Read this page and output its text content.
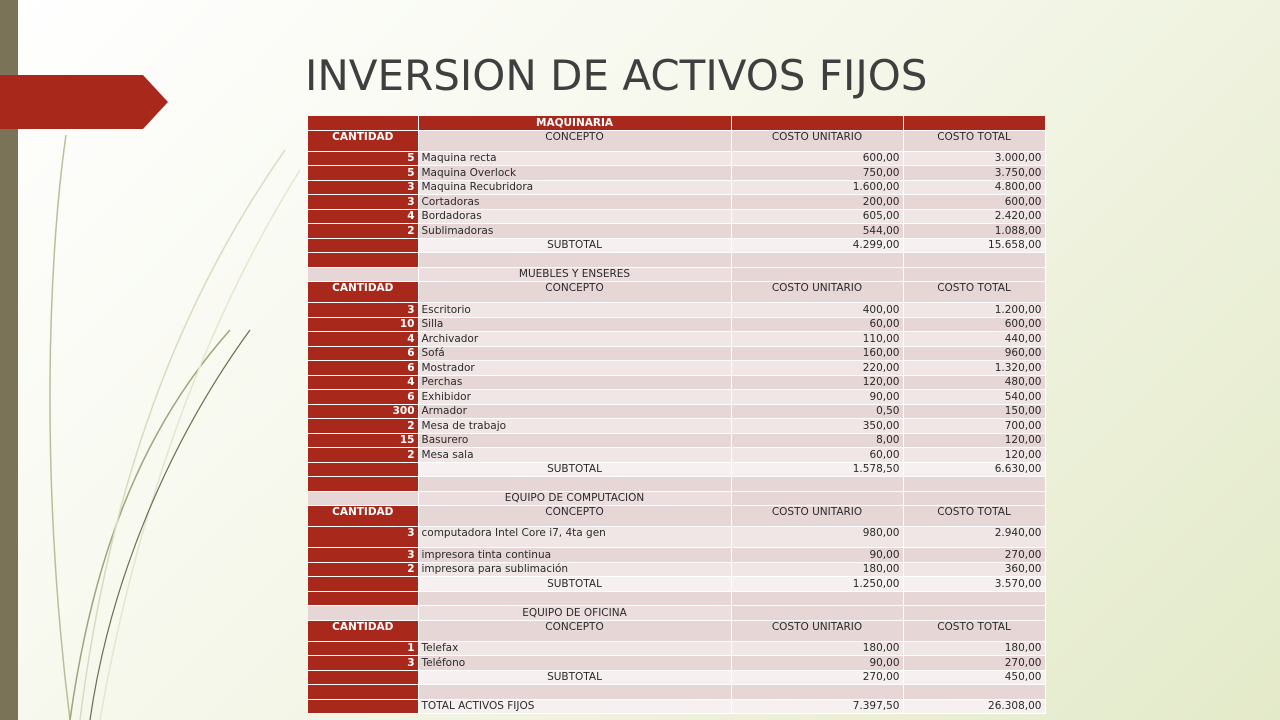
INVERSION DE ACTIVOS FIJOS
	MAQUINARIA		
CANTIDAD	CONCEPTO	COSTO UNITARIO	COSTO TOTAL
5	Maquina recta	600,00	3.000,00
5	Maquina Overlock	750,00	3.750,00
3	Maquina Recubridora	1.600,00	4.800,00
3	Cortadoras	200,00	600,00
4	Bordadoras	605,00	2.420,00
2	Sublimadoras	544,00	1.088,00
	SUBTOTAL	4.299,00	15.658,00

	MUEBLES Y ENSERES		
CANTIDAD	CONCEPTO	COSTO UNITARIO	COSTO TOTAL
3	Escritorio	400,00	1.200,00
10	Silla	60,00	600,00
4	Archivador	110,00	440,00
6	Sofá	160,00	960,00
6	Mostrador	220,00	1.320,00
4	Perchas	120,00	480,00
6	Exhibidor	90,00	540,00
300	Armador	0,50	150,00
2	Mesa de trabajo	350,00	700,00
15	Basurero	8,00	120,00
2	Mesa sala	60,00	120,00
	SUBTOTAL	1.578,50	6.630,00

	EQUIPO DE COMPUTACIÓN		
CANTIDAD	CONCEPTO	COSTO UNITARIO	COSTO TOTAL
3	computadora Intel Core i7, 4ta gen	980,00	2.940,00
3	impresora tinta continua	90,00	270,00
2	impresora para sublimación	180,00	360,00
	SUBTOTAL	1.250,00	3.570,00

	EQUIPO DE OFICINA		
CANTIDAD	CONCEPTO	COSTO UNITARIO	COSTO TOTAL
1	Telefax	180,00	180,00
3	Teléfono	90,00	270,00
	SUBTOTAL	270,00	450,00

	TOTAL ACTIVOS FIJOS	7.397,50	26.308,00
